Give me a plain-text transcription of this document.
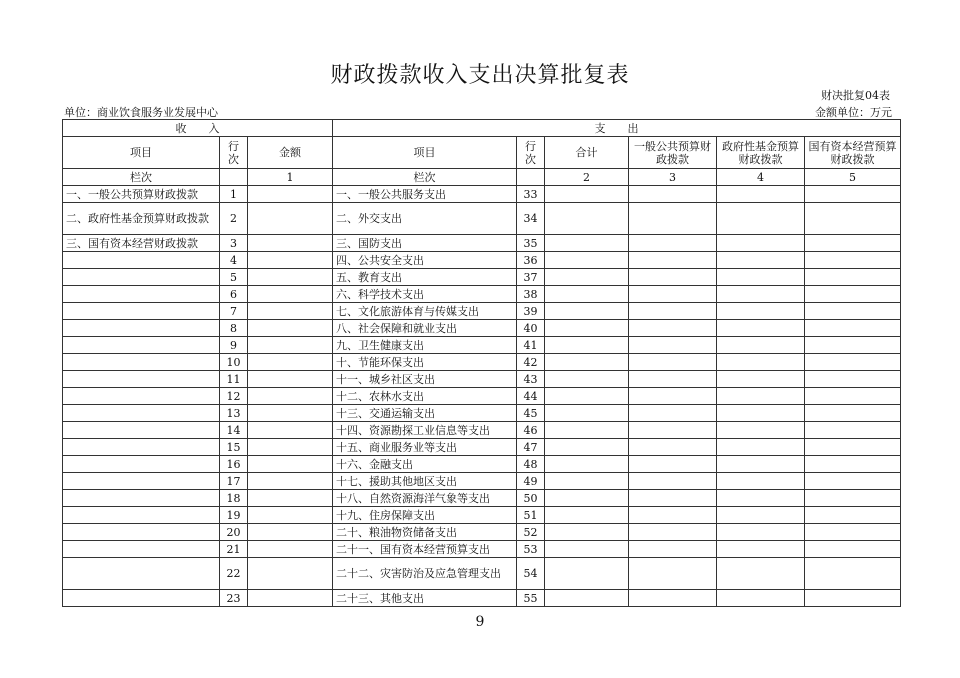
财政拨款收入支出决算批复表
财决批复04表
单位：商业饮食服务业发展中心	金额单位：万元
收　　入			支　　出					
项目	行次	金额	项目	行次	合计	一般公共预算财政拨款	政府性基金预算财政拨款	国有资本经营预算财政拨款
栏次		1	栏次		2	3	4	5
一、一般公共预算财政拨款	1		一、一般公共服务支出	33				
二、政府性基金预算财政拨款	2		二、外交支出	34				
三、国有资本经营财政拨款	3		三、国防支出	35				
	4		四、公共安全支出	36				
	5		五、教育支出	37				
	6		六、科学技术支出	38				
	7		七、文化旅游体育与传媒支出	39				
	8		八、社会保障和就业支出	40				
	9		九、卫生健康支出	41				
	10		十、节能环保支出	42				
	11		十一、城乡社区支出	43				
	12		十二、农林水支出	44				
	13		十三、交通运输支出	45				
	14		十四、资源勘探工业信息等支出	46				
	15		十五、商业服务业等支出	47				
	16		十六、金融支出	48				
	17		十七、援助其他地区支出	49				
	18		十八、自然资源海洋气象等支出	50				
	19		十九、住房保障支出	51				
	20		二十、粮油物资储备支出	52				
	21		二十一、国有资本经营预算支出	53				
	22		二十二、灾害防治及应急管理支出	54				
	23		二十三、其他支出	55				
9
